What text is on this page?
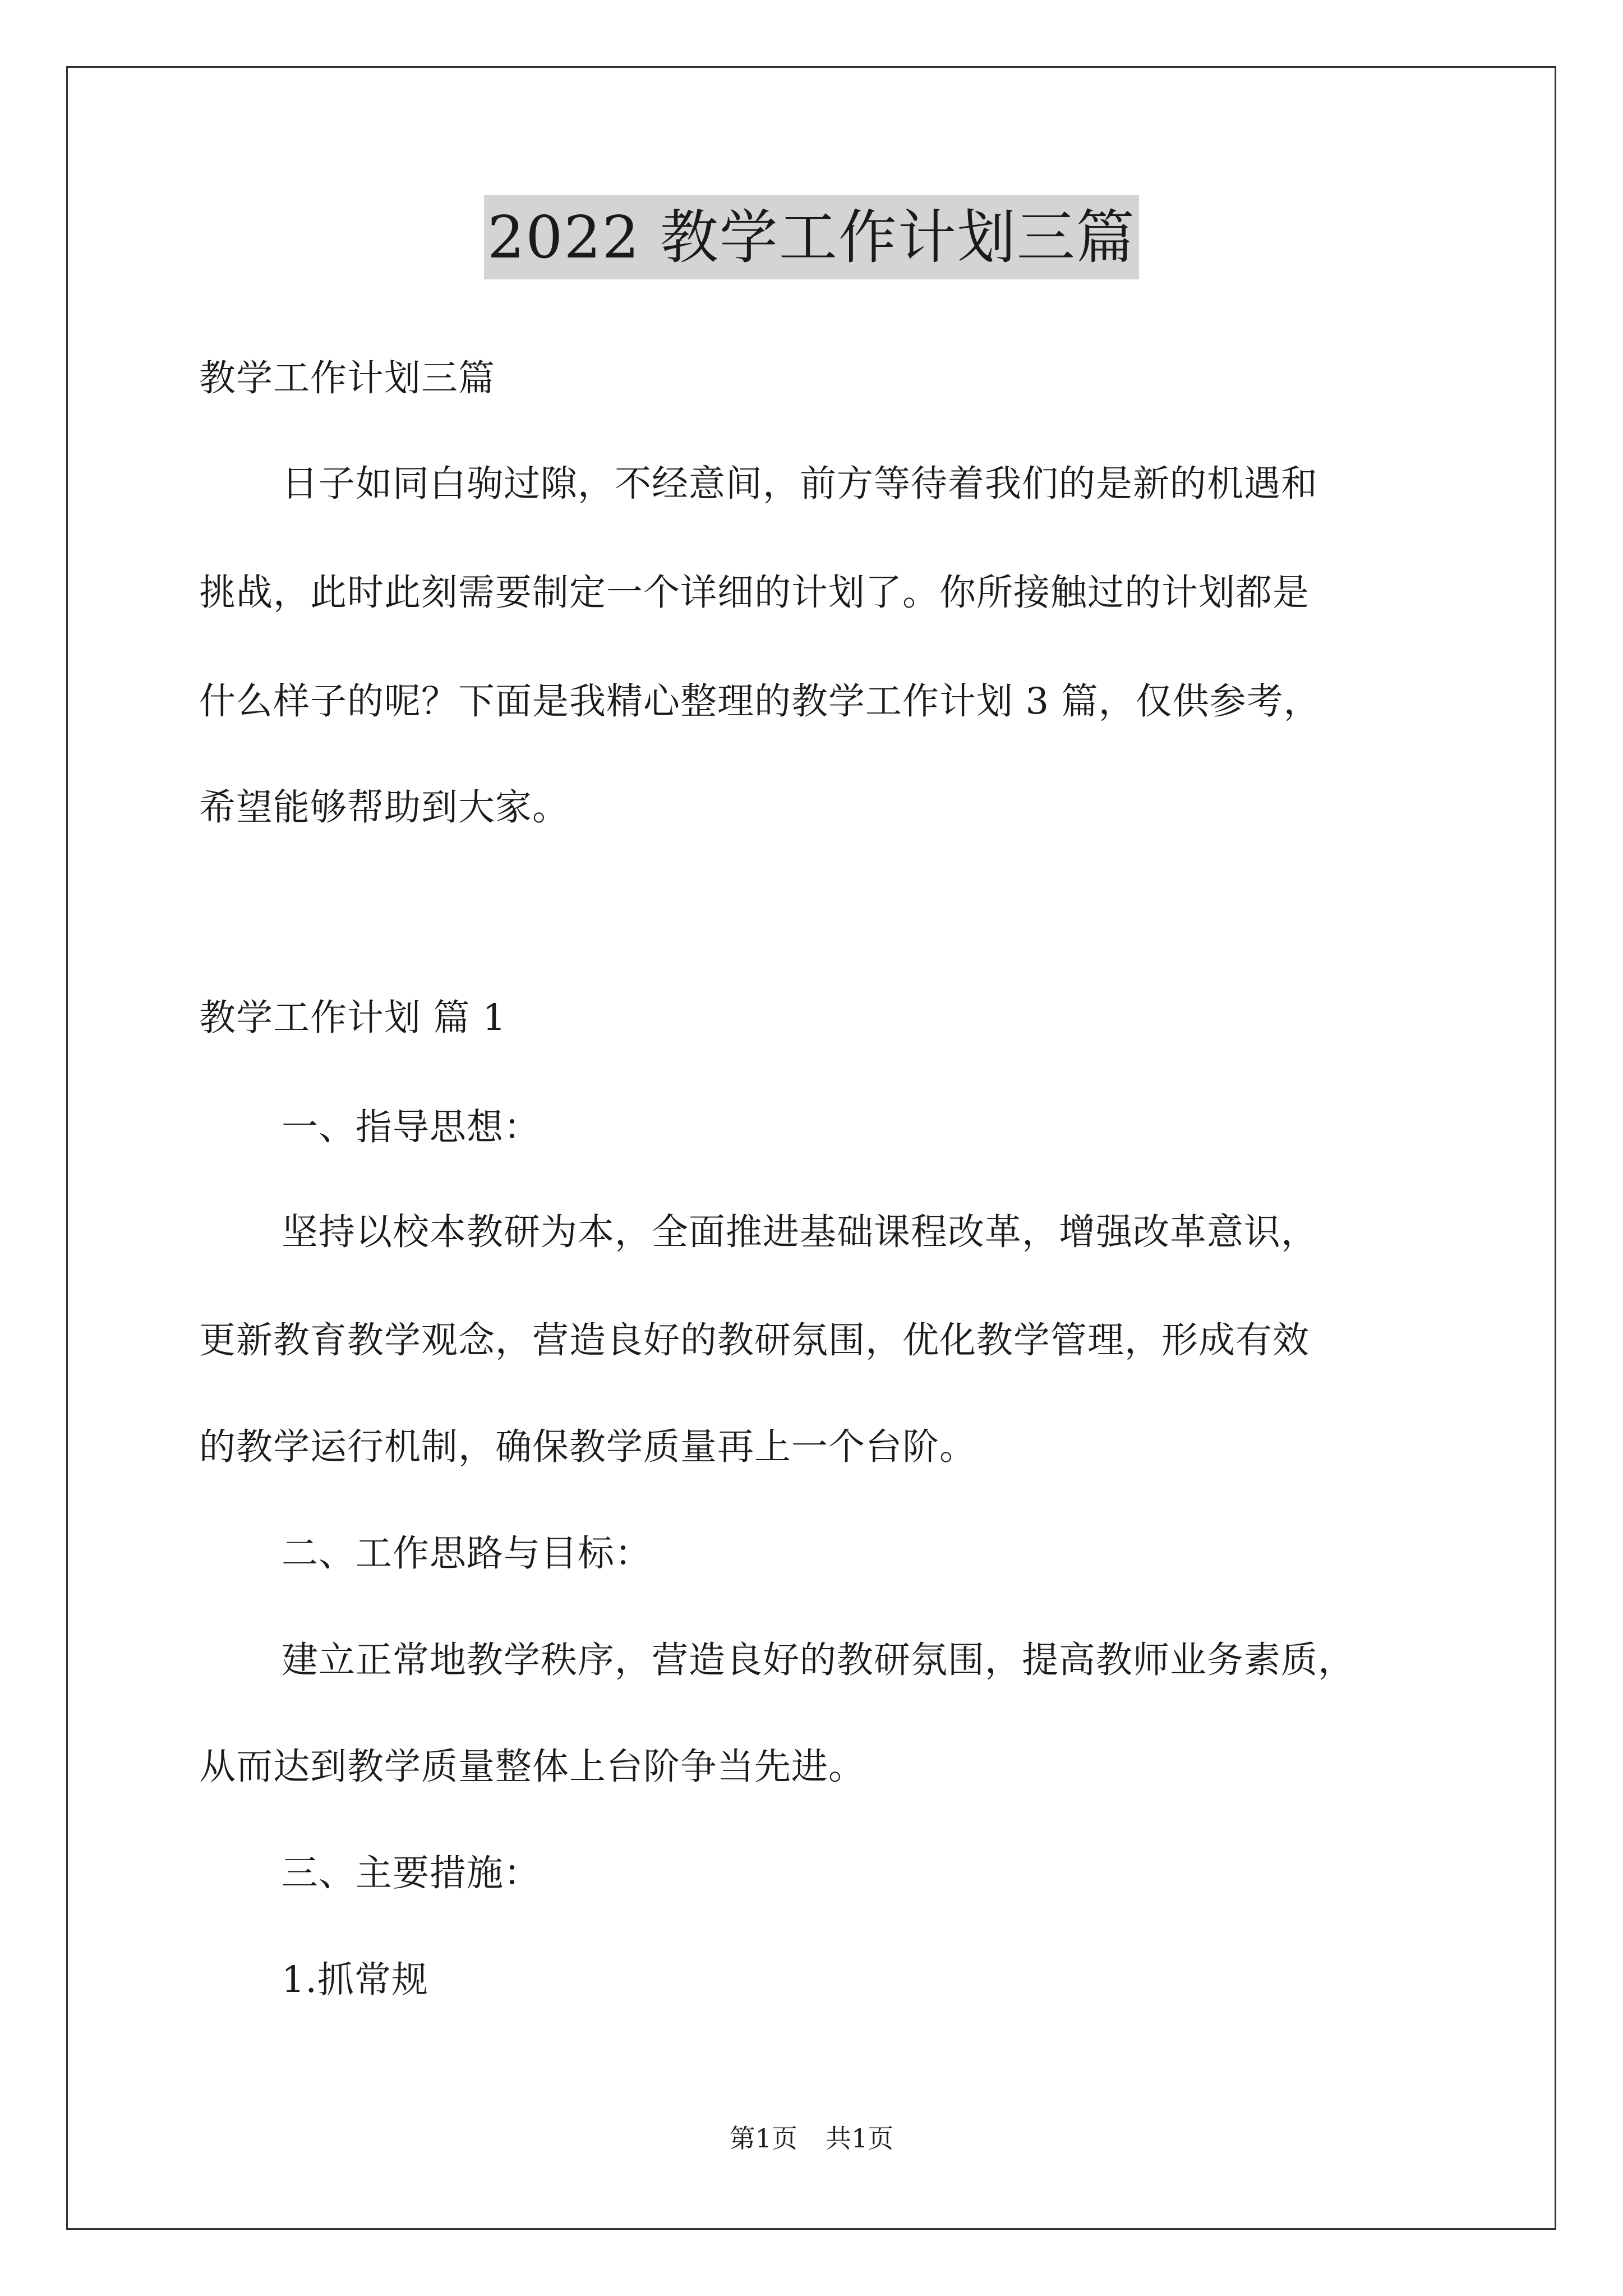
2022 教学工作计划三篇
教学工作计划三篇
日子如同白驹过隙，不经意间，前方等待着我们的是新的机遇和
挑战，此时此刻需要制定一个详细的计划了。你所接触过的计划都是
什么样子的呢？下面是我精心整理的教学工作计划 3 篇，仅供参考，
希望能够帮助到大家。
教学工作计划 篇 1
一、指导思想：
坚持以校本教研为本，全面推进基础课程改革，增强改革意识，
更新教育教学观念，营造良好的教研氛围，优化教学管理，形成有效
的教学运行机制，确保教学质量再上一个台阶。
二、工作思路与目标：
建立正常地教学秩序，营造良好的教研氛围，提高教师业务素质，
从而达到教学质量整体上台阶争当先进。
三、主要措施：
1.抓常规
第1页 共1页
